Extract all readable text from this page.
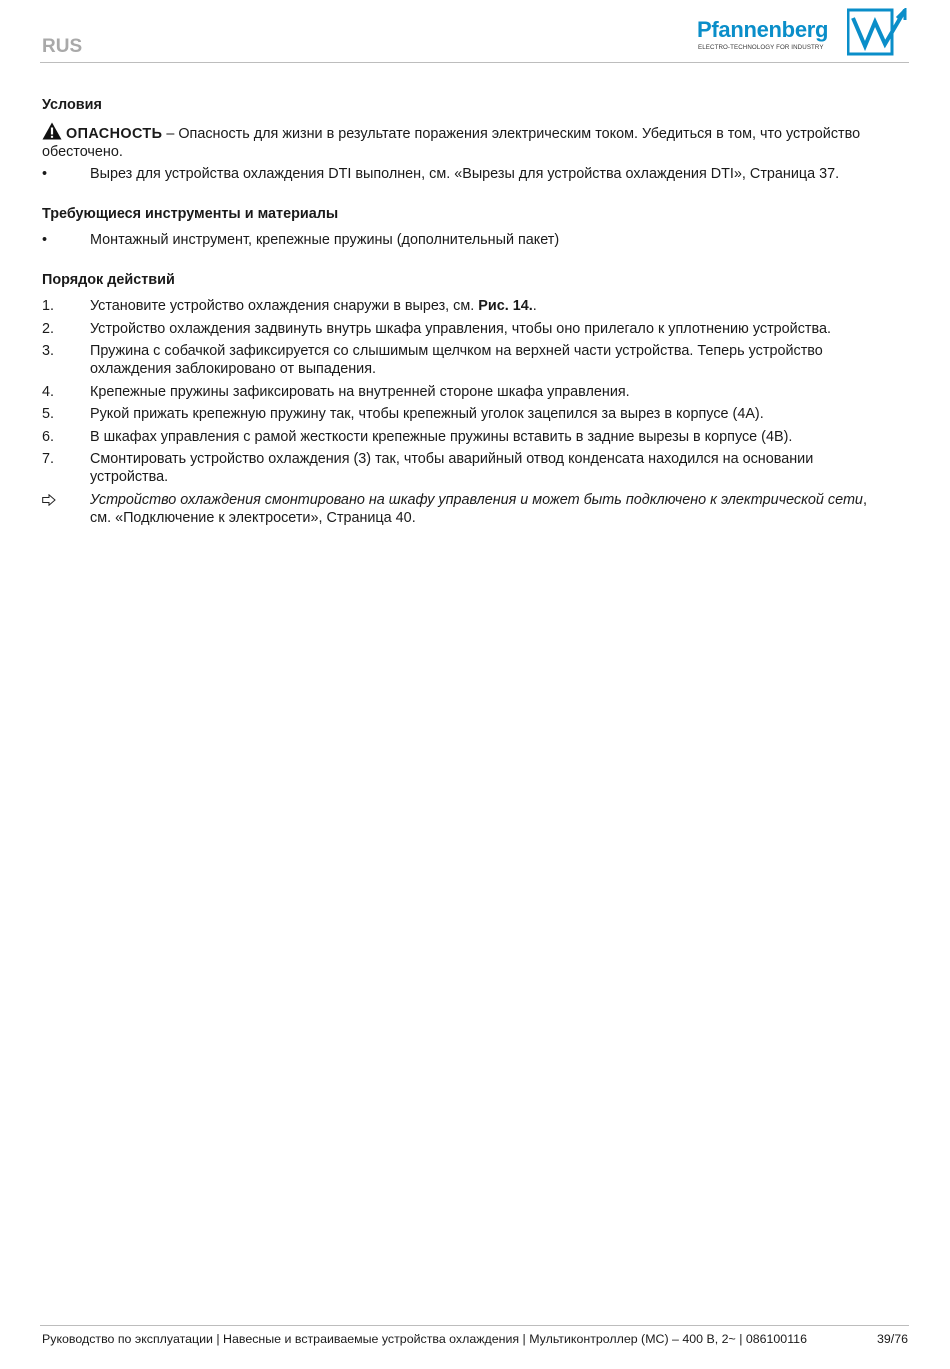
RUS
Pfannenberg
ELECTRO-TECHNOLOGY FOR INDUSTRY
Условия
ОПАСНОСТЬ – Опасность для жизни в результате поражения электрическим током. Убедиться в том, что устройство обесточено.
•	Вырез для устройства охлаждения DTI выполнен, см. «Вырезы для устройства охлаждения DTI», Страница 37.
Требующиеся инструменты и материалы
•	Монтажный инструмент, крепежные пружины (дополнительный пакет)
Порядок действий
1. Установите устройство охлаждения снаружи в вырез, см. Рис. 14..
2. Устройство охлаждения задвинуть внутрь шкафа управления, чтобы оно прилегало к уплотнению устройства.
3. Пружина с собачкой зафиксируется со слышимым щелчком на верхней части устройства. Теперь устройство охлаждения заблокировано от выпадения.
4. Крепежные пружины зафиксировать на внутренней стороне шкафа управления.
5. Рукой прижать крепежную пружину так, чтобы крепежный уголок зацепился за вырез в корпусе (4A).
6. В шкафах управления с рамой жесткости крепежные пружины вставить в задние вырезы в корпусе (4B).
7. Смонтировать устройство охлаждения (3) так, чтобы аварийный отвод конденсата находился на основании устройства.
Устройство охлаждения смонтировано на шкафу управления и может быть подключено к электрической сети, см. «Подключение к электросети», Страница 40.
Руководство по эксплуатации | Навесные и встраиваемые устройства охлаждения | Мультиконтроллер (MC) – 400 В, 2~ | 086100116	39/76
